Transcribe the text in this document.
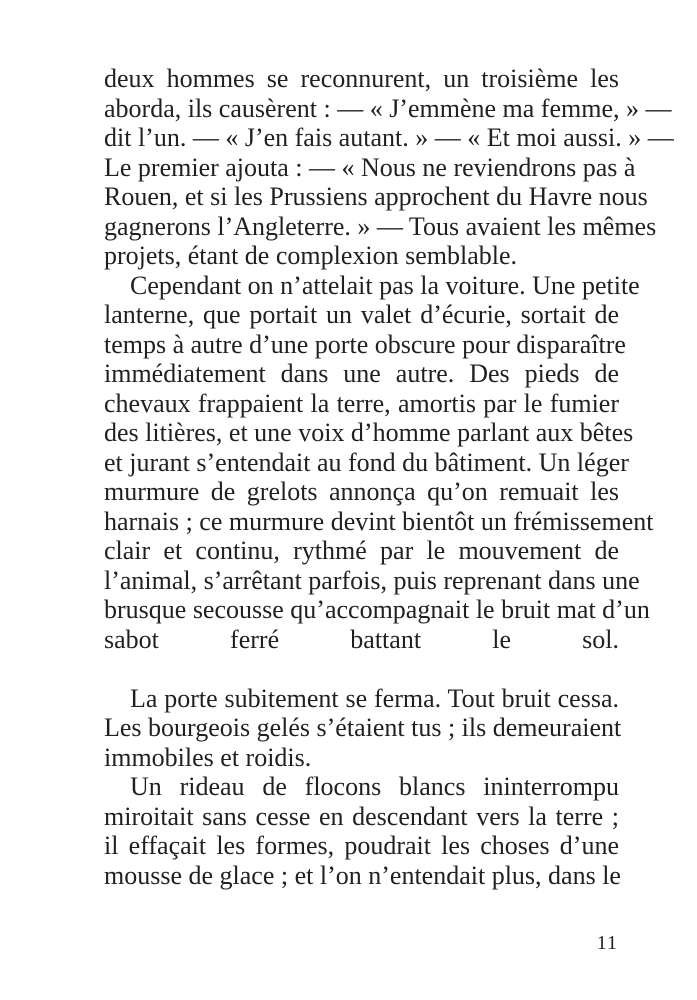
deux hommes se reconnurent, un troisième les
aborda, ils causèrent : — « J’emmène ma femme, » —
dit l’un. — « J’en fais autant. » — « Et moi aussi. » —
Le premier ajouta : — « Nous ne reviendrons pas à
Rouen, et si les Prussiens approchent du Havre nous
gagnerons l’Angleterre. » — Tous avaient les mêmes
projets, étant de complexion semblable.

Cependant on n’attelait pas la voiture. Une petite
lanterne, que portait un valet d’écurie, sortait de
temps à autre d’une porte obscure pour disparaître
immédiatement dans une autre. Des pieds de
chevaux frappaient la terre, amortis par le fumier
des litières, et une voix d’homme parlant aux bêtes
et jurant s’entendait au fond du bâtiment. Un léger
murmure de grelots annonça qu’on remuait les
harnais ; ce murmure devint bientôt un frémissement
clair et continu, rythmé par le mouvement de
l’animal, s’arrêtant parfois, puis reprenant dans une
brusque secousse qu’accompagnait le bruit mat d’un
sabot ferré battant le sol.

La porte subitement se ferma. Tout bruit cessa.
Les bourgeois gelés s’étaient tus ; ils demeuraient
immobiles et roidis.

Un rideau de flocons blancs ininterrompu
miroitait sans cesse en descendant vers la terre ;
il effaçait les formes, poudrait les choses d’une
mousse de glace ; et l’on n’entendait plus, dans le

11
